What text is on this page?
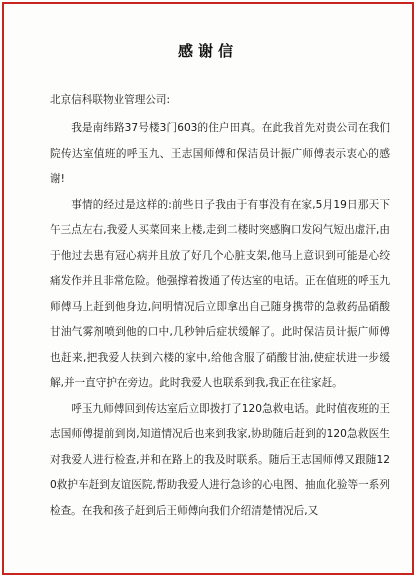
感谢信
北京信科联物业管理公司:

我是南纬路37号楼3门603的住户田真。在此我首先对贵公司在我们院传达室值班的呼玉九、王志国师傅和保洁员计振广师傅表示衷心的感谢!

事情的经过是这样的:前些日子我由于有事没有在家,5月19日那天下午三点左右,我爱人买菜回来上楼,走到二楼时突感胸口发闷气短出虚汗,由于他过去患有冠心病并且放了好几个心脏支架,他马上意识到可能是心绞痛发作并且非常危险。他强撑着拨通了传达室的电话。正在值班的呼玉九师傅马上赶到他身边,问明情况后立即拿出自己随身携带的急救药品硝酸甘油气雾剂喷到他的口中,几秒钟后症状缓解了。此时保洁员计振广师傅也赶来,把我爱人扶到六楼的家中,给他含服了硝酸甘油,使症状进一步缓解,并一直守护在旁边。此时我爱人也联系到我,我正在往家赶。

呼玉九师傅回到传达室后立即拨打了120急救电话。此时值夜班的王志国师傅提前到岗,知道情况后也来到我家,协助随后赶到的120急救医生对我爱人进行检查,并和在路上的我及时联系。随后王志国师傅又跟随120救护车赶到友谊医院,帮助我爱人进行急诊的心电图、抽血化验等一系列检查。在我和孩子赶到后王师傅向我们介绍清楚情况后,又
